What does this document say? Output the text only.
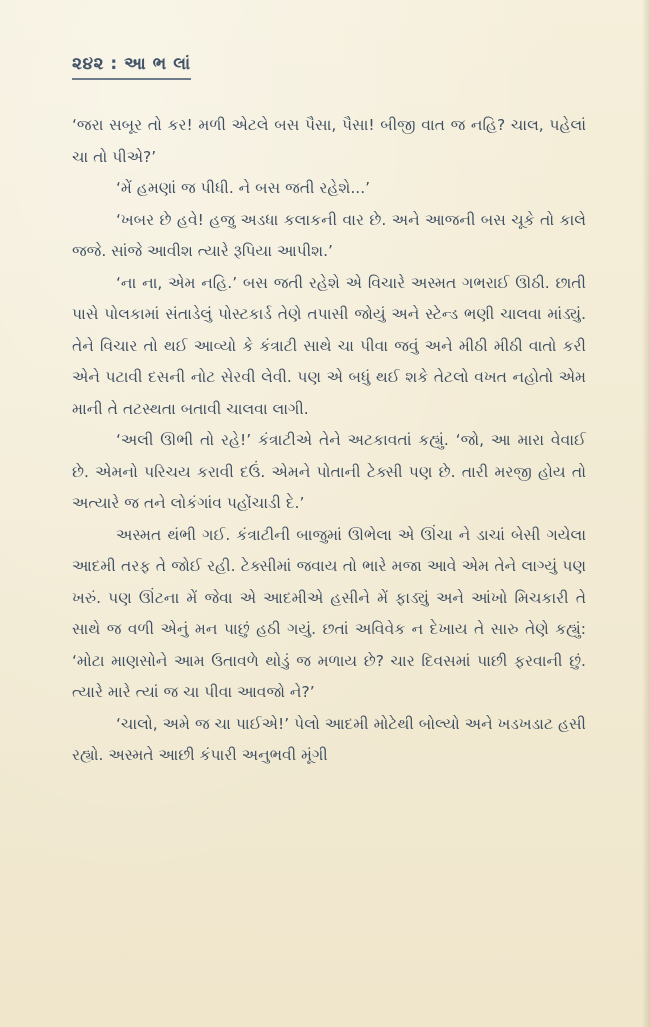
૨૪૨ : આ ભ લાં

‘જરા સબૂર તો કર! મળી એટલે બસ પૈસા, પૈસા! બીજી વાત જ નહિ? ચાલ, પહેલાં ચા તો પીએ?’

‘મેં હમણાં જ પીધી. ને બસ જતી રહેશે...’

‘ખબર છે હવે! હજુ અડધા કલાકની વાર છે. અને આજની બસ ચૂકે તો કાલે જજે. સાંજે આવીશ ત્યારે રૂપિયા આપીશ.’

‘ના ના, એમ નહિ.’ બસ જતી રહેશે એ વિચારે અસ્મત ગભરાઈ ઊઠી. છાતી પાસે પોલકામાં સંતાડેલું પોસ્ટકાર્ડ તેણે તપાસી જોયું અને સ્ટેન્ડ ભણી ચાલવા માંડ્યું. તેને વિચાર તો થઈ આવ્યો કે કંત્રાટી સાથે ચા પીવા જવું અને મીઠી મીઠી વાતો કરી એને પટાવી દસની નોટ સેરવી લેવી. પણ એ બધું થઈ શકે તેટલો વખત નહોતો એમ માની તે તટસ્થતા બતાવી ચાલવા લાગી.

‘અલી ઊભી તો રહે!’ કંત્રાટીએ તેને અટકાવતાં કહ્યું. ‘જો, આ મારા વેવાઈ છે. એમનો પરિચય કરાવી દઉં. એમને પોતાની ટેક્સી પણ છે. તારી મરજી હોય તો અત્યારે જ તને લોકંગાંવ પહોંચાડી દે.’

અસ્મત થંભી ગઈ. કંત્રાટીની બાજુમાં ઊભેલા એ ઊંચા ને ડાચાં બેસી ગયેલા આદમી તરફ તે જોઈ રહી. ટેક્સીમાં જવાય તો ભારે મજા આવે એમ તેને લાગ્યું પણ ખરું. પણ ઊંટના મેં જેવા એ આદમીએ હસીને મેં ફાડ્યું અને આંખો મિચકારી તે સાથે જ વળી એનું મન પાછું હઠી ગયું. છતાં અવિવેક ન દેખાય તે સારુ તેણે કહ્યું: ‘મોટા માણસોને આમ ઉતાવળે થોડું જ મળાય છે? ચાર દિવસમાં પાછી ફરવાની છું. ત્યારે મારે ત્યાં જ ચા પીવા આવજો ને?’

‘ચાલો, અમે જ ચા પાઈએ!’ પેલો આદમી મોટેથી બોલ્યો અને ખડખડાટ હસી રહ્યો. અસ્મતે આછી કંપારી અનુભવી મૂંગી
